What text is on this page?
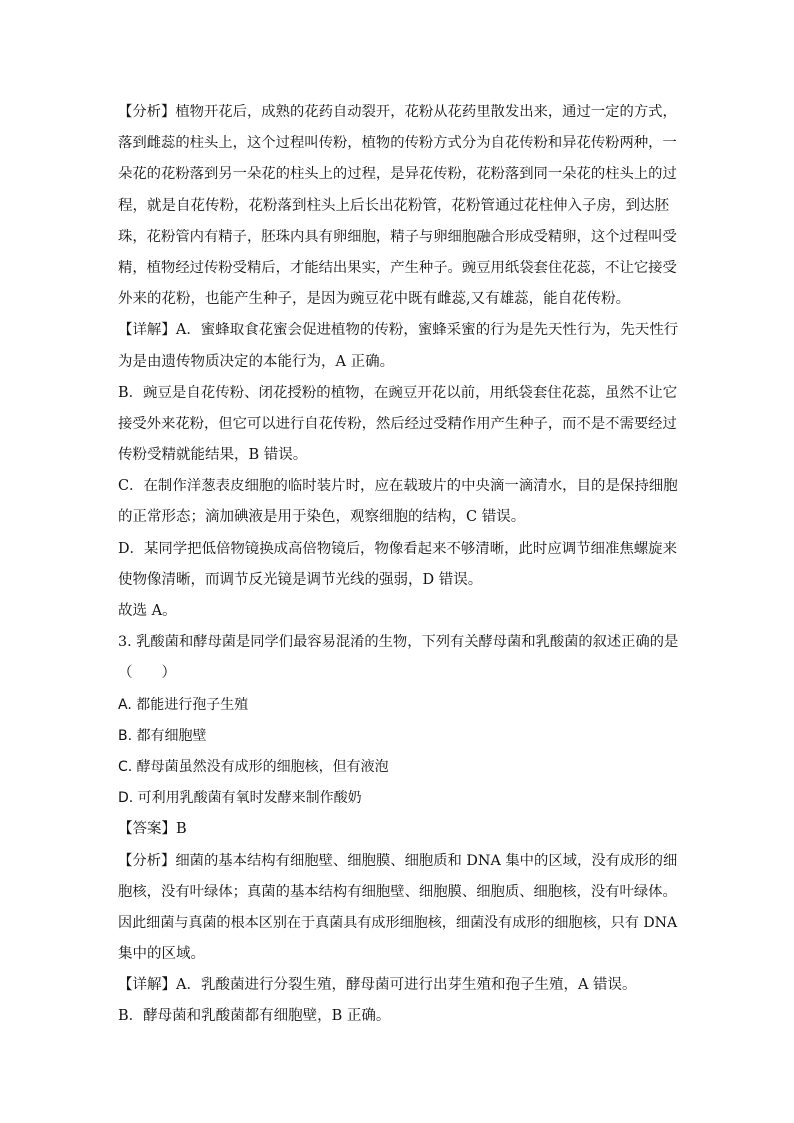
【分析】植物开花后，成熟的花药自动裂开，花粉从花药里散发出来，通过一定的方式，
落到雌蕊的柱头上，这个过程叫传粉，植物的传粉方式分为自花传粉和异花传粉两种，一
朵花的花粉落到另一朵花的柱头上的过程，是异花传粉，花粉落到同一朵花的柱头上的过
程，就是自花传粉，花粉落到柱头上后长出花粉管，花粉管通过花柱伸入子房，到达胚
珠，花粉管内有精子，胚珠内具有卵细胞，精子与卵细胞融合形成受精卵，这个过程叫受
精，植物经过传粉受精后，才能结出果实，产生种子。豌豆用纸袋套住花蕊，不让它接受
外来的花粉，也能产生种子，是因为豌豆花中既有雌蕊,又有雄蕊，能自花传粉。
【详解】A．蜜蜂取食花蜜会促进植物的传粉，蜜蜂采蜜的行为是先天性行为，先天性行
为是由遗传物质决定的本能行为，A 正确。
B．豌豆是自花传粉、闭花授粉的植物，在豌豆开花以前，用纸袋套住花蕊，虽然不让它
接受外来花粉，但它可以进行自花传粉，然后经过受精作用产生种子，而不是不需要经过
传粉受精就能结果，B 错误。
C．在制作洋葱表皮细胞的临时装片时，应在载玻片的中央滴一滴清水，目的是保持细胞
的正常形态；滴加碘液是用于染色，观察细胞的结构，C 错误。
D．某同学把低倍物镜换成高倍物镜后，物像看起来不够清晰，此时应调节细准焦螺旋来
使物像清晰，而调节反光镜是调节光线的强弱，D 错误。
故选 A。
3. 乳酸菌和酵母菌是同学们最容易混淆的生物，下列有关酵母菌和乳酸菌的叙述正确的是
（　　）
A. 都能进行孢子生殖
B. 都有细胞壁
C. 酵母菌虽然没有成形的细胞核，但有液泡
D. 可利用乳酸菌有氧时发酵来制作酸奶
【答案】B
【分析】细菌的基本结构有细胞壁、细胞膜、细胞质和 DNA 集中的区域，没有成形的细
胞核，没有叶绿体；真菌的基本结构有细胞壁、细胞膜、细胞质、细胞核，没有叶绿体。
因此细菌与真菌的根本区别在于真菌具有成形细胞核，细菌没有成形的细胞核，只有 DNA
集中的区域。
【详解】A．乳酸菌进行分裂生殖，酵母菌可进行出芽生殖和孢子生殖，A 错误。
B．酵母菌和乳酸菌都有细胞壁，B 正确。
